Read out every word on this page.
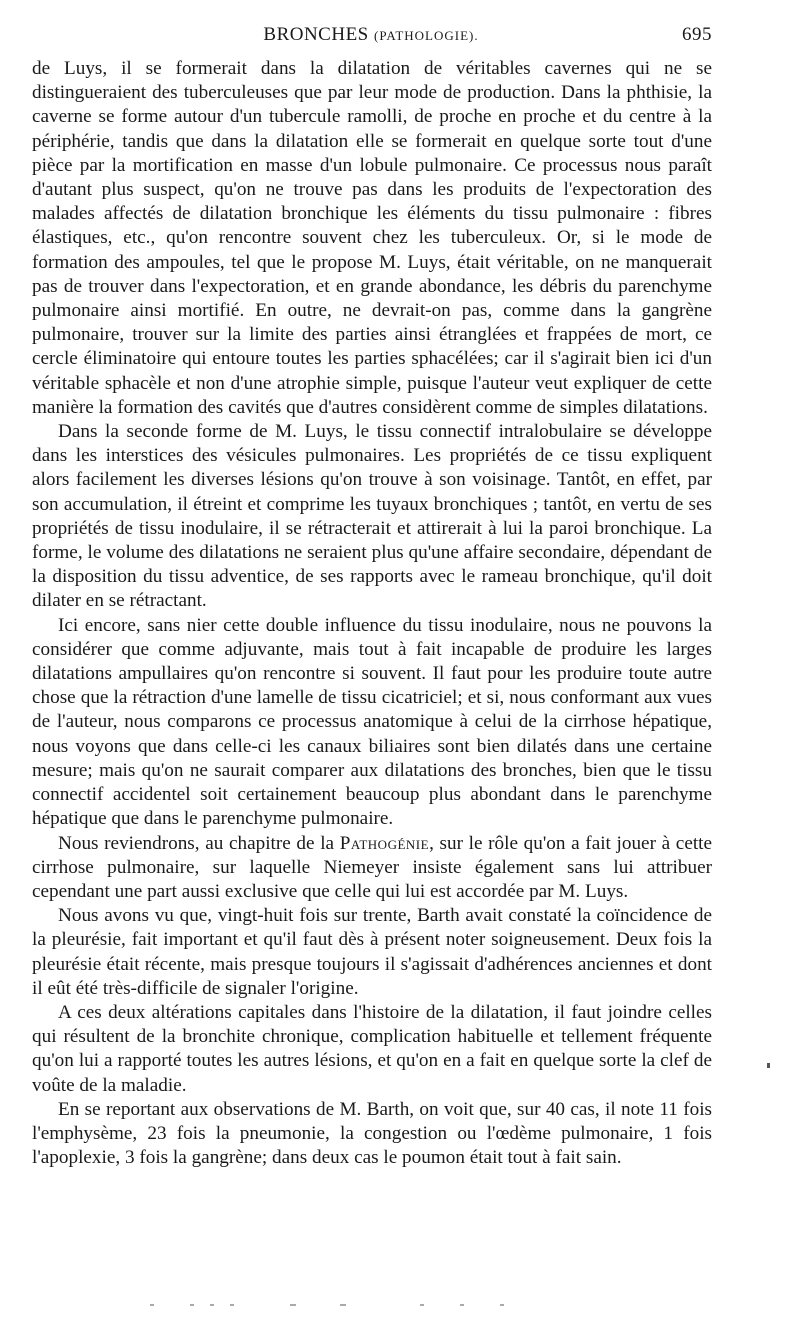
BRONCHES (PATHOLOGIE).	695

de Luys, il se formerait dans la dilatation de véritables cavernes qui ne se distingueraient des tuberculeuses que par leur mode de production. Dans la phthisie, la caverne se forme autour d'un tubercule ramolli, de proche en proche et du centre à la périphérie, tandis que dans la dilatation elle se formerait en quelque sorte tout d'une pièce par la mortification en masse d'un lobule pulmonaire. Ce processus nous paraît d'autant plus suspect, qu'on ne trouve pas dans les produits de l'expectoration des malades affectés de dilatation bronchique les éléments du tissu pulmonaire : fibres élastiques, etc., qu'on rencontre souvent chez les tuberculeux. Or, si le mode de formation des ampoules, tel que le propose M. Luys, était véritable, on ne manquerait pas de trouver dans l'expectoration, et en grande abondance, les débris du parenchyme pulmonaire ainsi mortifié. En outre, ne devrait-on pas, comme dans la gangrène pulmonaire, trouver sur la limite des parties ainsi étranglées et frappées de mort, ce cercle éliminatoire qui entoure toutes les parties sphacélées; car il s'agirait bien ici d'un véritable sphacèle et non d'une atrophie simple, puisque l'auteur veut expliquer de cette manière la formation des cavités que d'autres considèrent comme de simples dilatations.

Dans la seconde forme de M. Luys, le tissu connectif intralobulaire se développe dans les interstices des vésicules pulmonaires. Les propriétés de ce tissu expliquent alors facilement les diverses lésions qu'on trouve à son voisinage. Tantôt, en effet, par son accumulation, il étreint et comprime les tuyaux bronchiques ; tantôt, en vertu de ses propriétés de tissu inodulaire, il se rétracterait et attirerait à lui la paroi bronchique. La forme, le volume des dilatations ne seraient plus qu'une affaire secondaire, dépendant de la disposition du tissu adventice, de ses rapports avec le rameau bronchique, qu'il doit dilater en se rétractant.

Ici encore, sans nier cette double influence du tissu inodulaire, nous ne pouvons la considérer que comme adjuvante, mais tout à fait incapable de produire les larges dilatations ampullaires qu'on rencontre si souvent. Il faut pour les produire toute autre chose que la rétraction d'une lamelle de tissu cicatriciel; et si, nous conformant aux vues de l'auteur, nous comparons ce processus anatomique à celui de la cirrhose hépatique, nous voyons que dans celle-ci les canaux biliaires sont bien dilatés dans une certaine mesure; mais qu'on ne saurait comparer aux dilatations des bronches, bien que le tissu connectif accidentel soit certainement beaucoup plus abondant dans le parenchyme hépatique que dans le parenchyme pulmonaire.

Nous reviendrons, au chapitre de la Pathogénie, sur le rôle qu'on a fait jouer à cette cirrhose pulmonaire, sur laquelle Niemeyer insiste également sans lui attribuer cependant une part aussi exclusive que celle qui lui est accordée par M. Luys.

Nous avons vu que, vingt-huit fois sur trente, Barth avait constaté la coïncidence de la pleurésie, fait important et qu'il faut dès à présent noter soigneusement. Deux fois la pleurésie était récente, mais presque toujours il s'agissait d'adhérences anciennes et dont il eût été très-difficile de signaler l'origine.

A ces deux altérations capitales dans l'histoire de la dilatation, il faut joindre celles qui résultent de la bronchite chronique, complication habituelle et tellement fréquente qu'on lui a rapporté toutes les autres lésions, et qu'on en a fait en quelque sorte la clef de voûte de la maladie.

En se reportant aux observations de M. Barth, on voit que, sur 40 cas, il note 11 fois l'emphysème, 23 fois la pneumonie, la congestion ou l'œdème pulmonaire, 1 fois l'apoplexie, 3 fois la gangrène; dans deux cas le poumon était tout à fait sain.
